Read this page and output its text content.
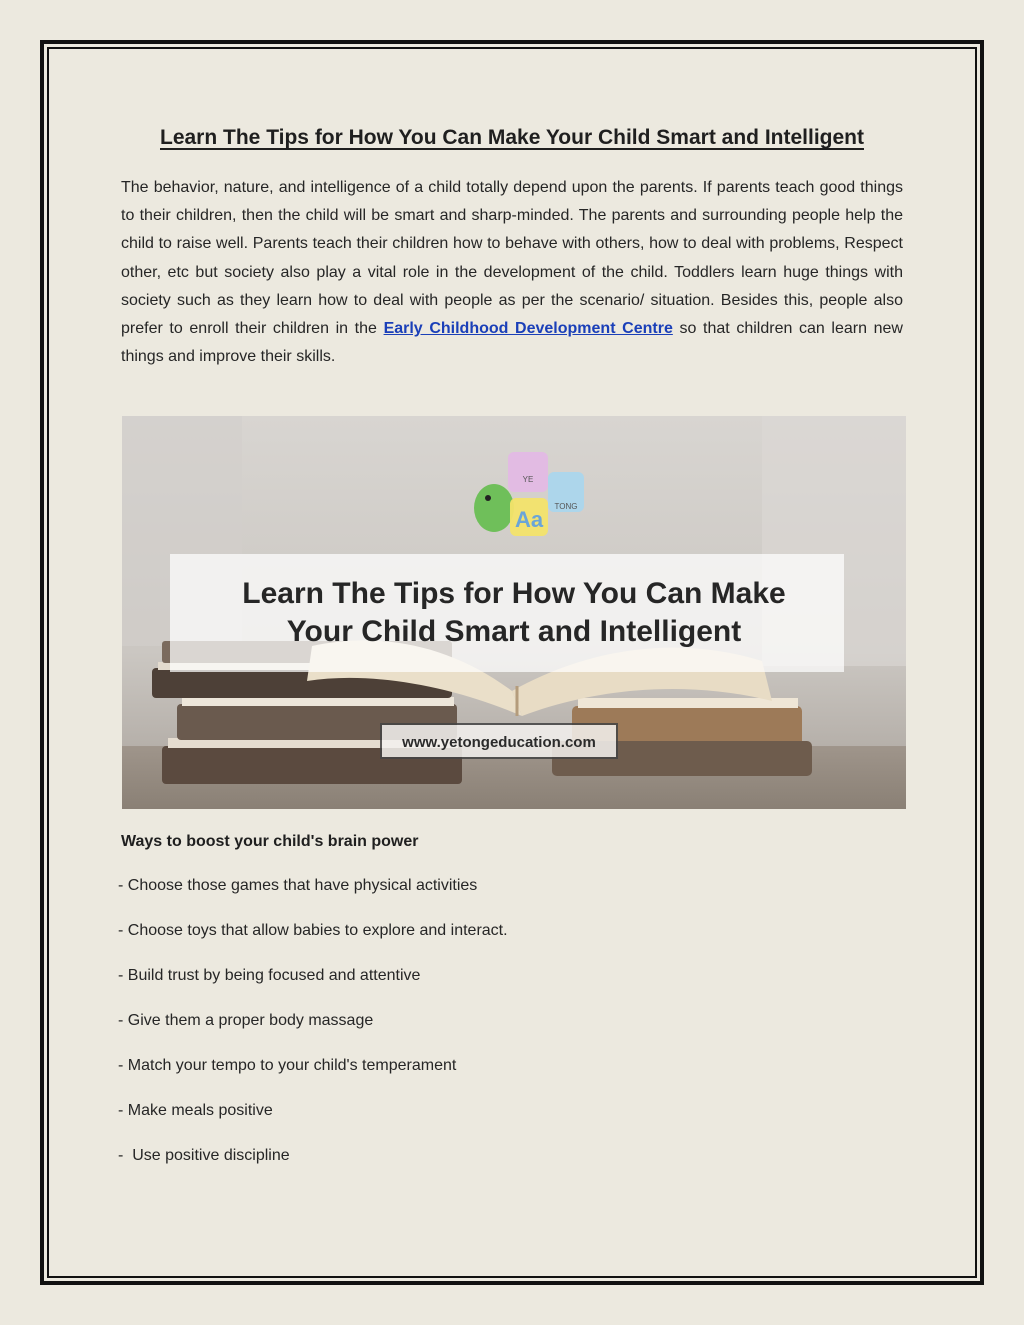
Learn The Tips for How You Can Make Your Child Smart and Intelligent

The behavior, nature, and intelligence of a child totally depend upon the parents. If parents teach good things to their children, then the child will be smart and sharp-minded. The parents and surrounding people help the child to raise well. Parents teach their children how to behave with others, how to deal with problems, Respect other, etc but society also play a vital role in the development of the child. Toddlers learn huge things with society such as they learn how to deal with people as per the scenario/ situation. Besides this, people also prefer to enroll their children in the Early Childhood Development Centre so that children can learn new things and improve their skills.

Learn The Tips for How You Can Make
Your Child Smart and Intelligent
www.yetongeducation.com
YE
TONG
Aa
Ways to boost your child's brain power
- Choose those games that have physical activities
- Choose toys that allow babies to explore and interact.
- Build trust by being focused and attentive
- Give them a proper body massage
- Match your tempo to your child's temperament
- Make meals positive
-  Use positive discipline
